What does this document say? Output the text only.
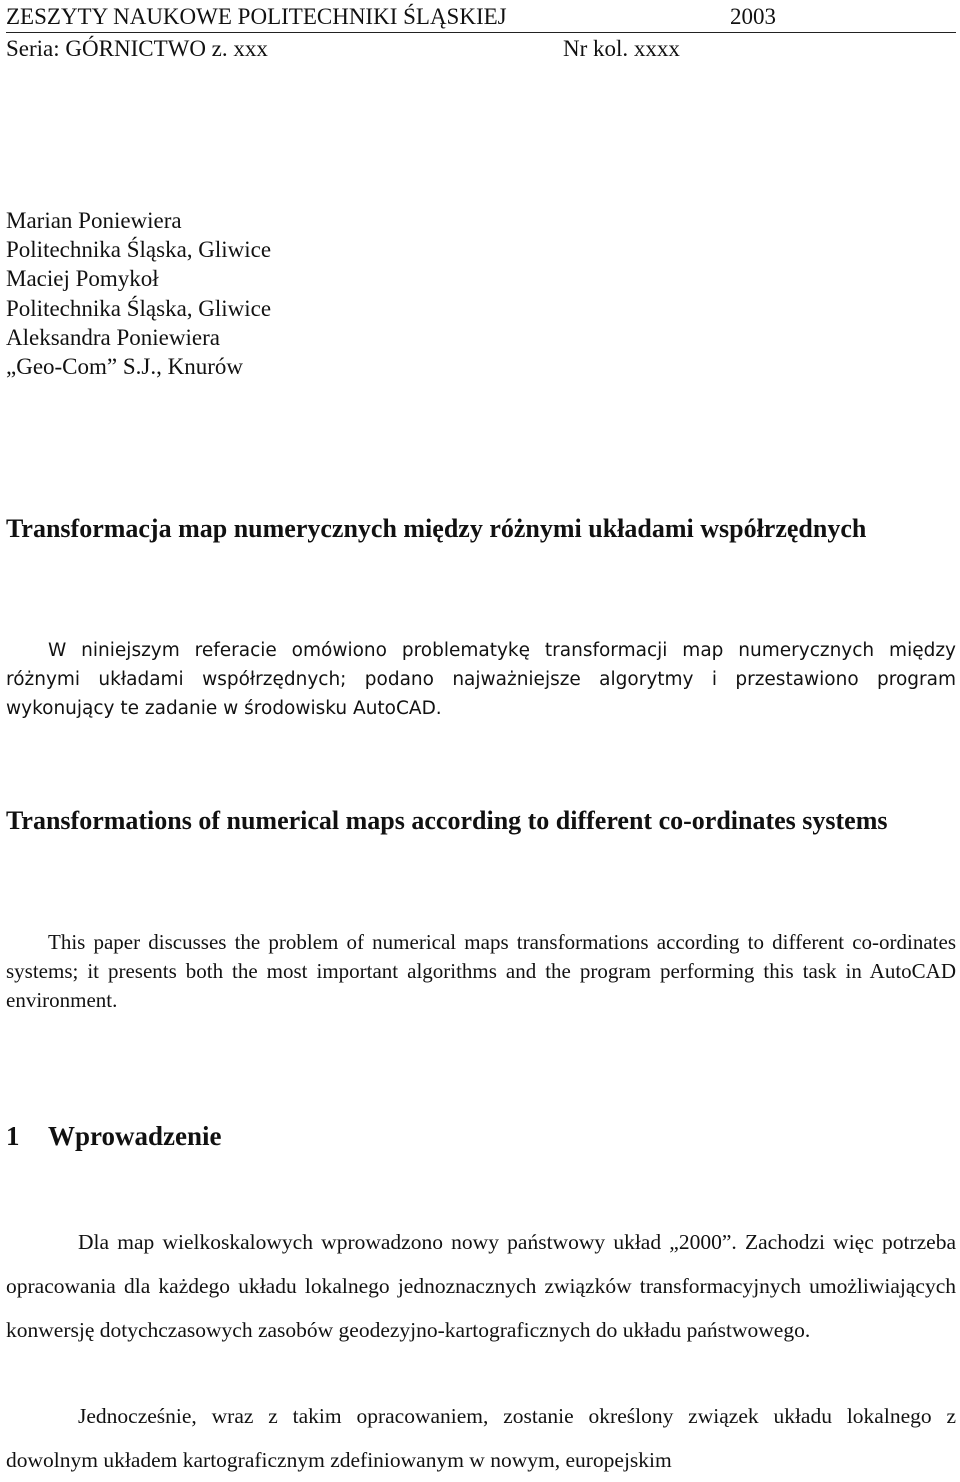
ZESZYTY NAUKOWE POLITECHNIKI ŚLĄSKIEJ	2003
Seria: GÓRNICTWO z. xxx	Nr kol. xxxx
Marian Poniewiera
Politechnika Śląska, Gliwice
Maciej Pomykoł
Politechnika Śląska, Gliwice
Aleksandra Poniewiera
„Geo-Com” S.J., Knurów
Transformacja map numerycznych między różnymi układami współrzędnych
W niniejszym referacie omówiono problematykę transformacji map numerycznych między różnymi układami współrzędnych; podano najważniejsze algorytmy i przestawiono program wykonujący te zadanie w środowisku AutoCAD.
Transformations of numerical maps according to different co-ordinates systems
This paper discusses the problem of numerical maps transformations according to different co-ordinates systems; it presents both the most important algorithms and the program performing this task in AutoCAD environment.
1 Wprowadzenie
Dla map wielkoskalowych wprowadzono nowy państwowy układ „2000”. Zachodzi więc potrzeba opracowania dla każdego układu lokalnego jednoznacznych związków transformacyjnych umożliwiających konwersję dotychczasowych zasobów geodezyjno-kartograficznych do układu państwowego.
Jednocześnie, wraz z takim opracowaniem, zostanie określony związek układu lokalnego z dowolnym układem kartograficznym zdefiniowanym w nowym, europejskim
